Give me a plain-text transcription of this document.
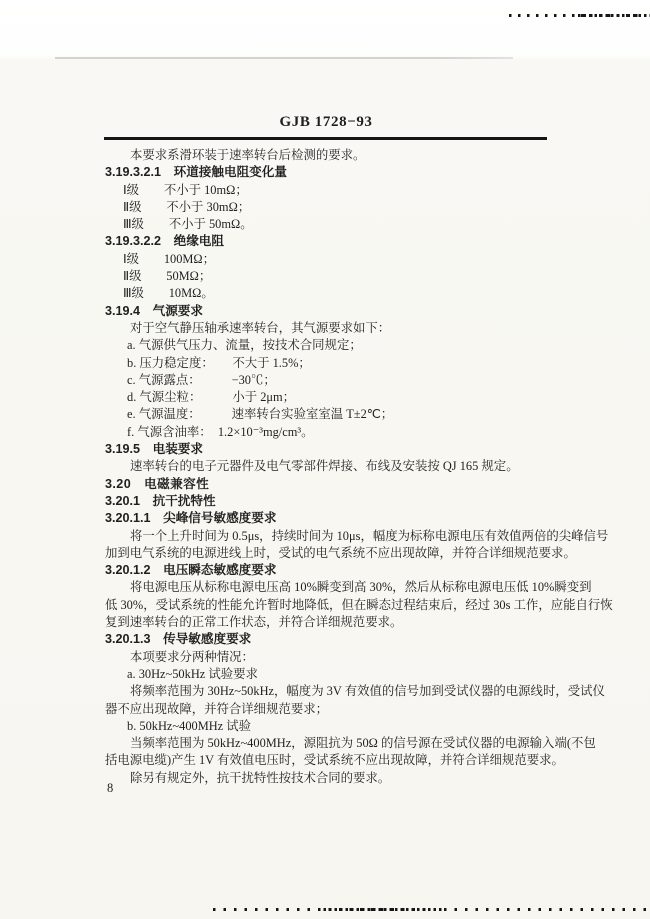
GJB 1728−93
本要求系滑环装于速率转台后检测的要求。
3.19.3.2.1　环道接触电阻变化量
Ⅰ级　　不小于 10mΩ；
Ⅱ级　　不小于 30mΩ；
Ⅲ级　　不小于 50mΩ。
3.19.3.2.2　绝缘电阻
Ⅰ级　　100MΩ；
Ⅱ级　　50MΩ；
Ⅲ级　　10MΩ。
3.19.4　气源要求
对于空气静压轴承速率转台，其气源要求如下：
a. 气源供气压力、流量，按技术合同规定；
b. 压力稳定度：　　不大于 1.5%；
c. 气源露点：　　　−30℃；
d. 气源尘粒：　　　小于 2μm；
e. 气源温度：　　　速率转台实验室室温 T±2℃；
f. 气源含油率：　1.2×10⁻³mg/cm³。
3.19.5　电装要求
速率转台的电子元器件及电气零部件焊接、布线及安装按 QJ 165 规定。
3.20　电磁兼容性
3.20.1　抗干扰特性
3.20.1.1　尖峰信号敏感度要求
将一个上升时间为 0.5μs，持续时间为 10μs，幅度为标称电源电压有效值两倍的尖峰信号
加到电气系统的电源进线上时，受试的电气系统不应出现故障，并符合详细规范要求。
3.20.1.2　电压瞬态敏感度要求
将电源电压从标称电源电压高 10%瞬变到高 30%，然后从标称电源电压低 10%瞬变到
低 30%，受试系统的性能允许暂时地降低，但在瞬态过程结束后，经过 30s 工作，应能自行恢
复到速率转台的正常工作状态，并符合详细规范要求。
3.20.1.3　传导敏感度要求
本项要求分两种情况：
a. 30Hz~50kHz 试验要求
将频率范围为 30Hz~50kHz，幅度为 3V 有效值的信号加到受试仪器的电源线时，受试仪
器不应出现故障，并符合详细规范要求；
b. 50kHz~400MHz 试验
当频率范围为 50kHz~400MHz，源阻抗为 50Ω 的信号源在受试仪器的电源输入端(不包
括电源电缆)产生 1V 有效值电压时，受试系统不应出现故障，并符合详细规范要求。
除另有规定外，抗干扰特性按技术合同的要求。
8
